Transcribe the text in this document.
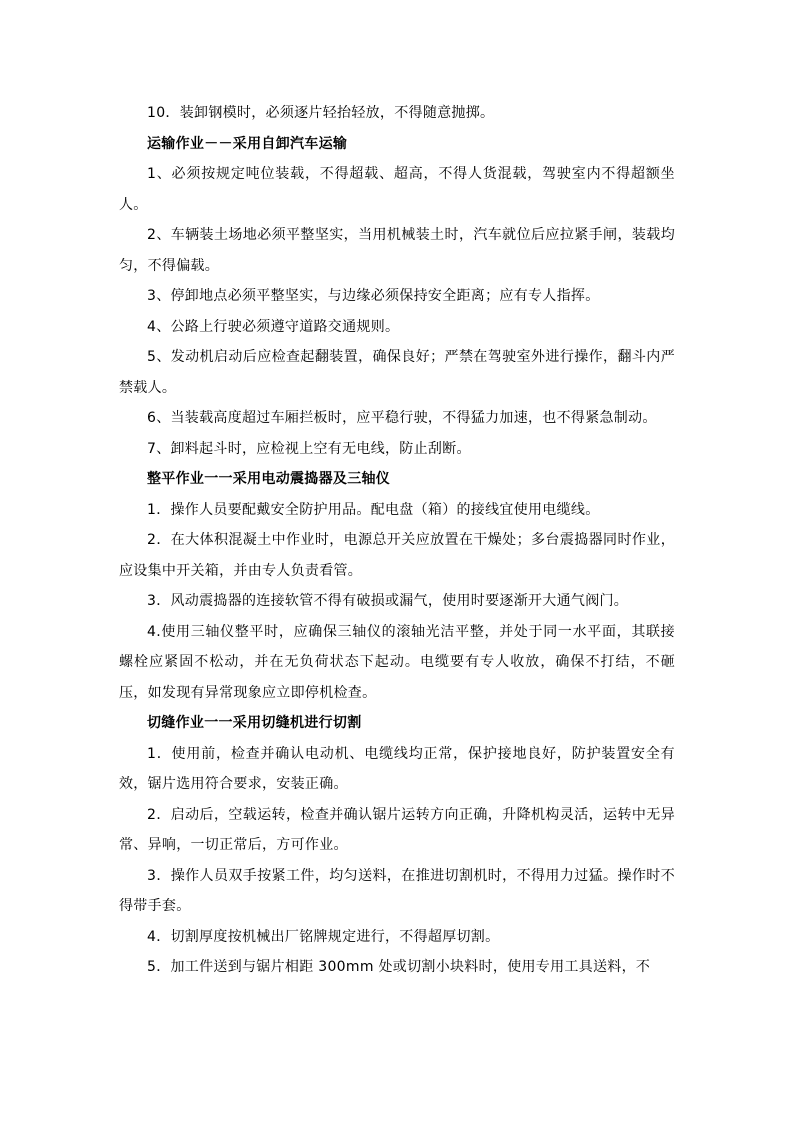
10．装卸钢模时，必须逐片轻抬轻放，不得随意抛掷。

运输作业－－采用自卸汽车运输

1、必须按规定吨位装载，不得超载、超高，不得人货混载，驾驶室内不得超额坐人。

2、车辆装土场地必须平整坚实，当用机械装土时，汽车就位后应拉紧手闸，装载均匀，不得偏载。

3、停卸地点必须平整坚实，与边缘必须保持安全距离；应有专人指挥。

4、公路上行驶必须遵守道路交通规则。

5、发动机启动后应检查起翻装置，确保良好；严禁在驾驶室外进行操作，翻斗内严禁载人。

6、当装载高度超过车厢拦板时，应平稳行驶，不得猛力加速，也不得紧急制动。

7、卸料起斗时，应检视上空有无电线，防止刮断。

整平作业一一采用电动震捣器及三轴仪

1．操作人员要配戴安全防护用品。配电盘（箱）的接线宜使用电缆线。

2．在大体积混凝土中作业时，电源总开关应放置在干燥处；多台震捣器同时作业，应设集中开关箱，并由专人负责看管。

3．风动震捣器的连接软管不得有破损或漏气，使用时要逐渐开大通气阀门。

4.使用三轴仪整平时，应确保三轴仪的滚轴光洁平整，并处于同一水平面，其联接螺栓应紧固不松动，并在无负荷状态下起动。电缆要有专人收放，确保不打结，不砸压，如发现有异常现象应立即停机检查。

切缝作业一一采用切缝机进行切割

1．使用前，检查并确认电动机、电缆线均正常，保护接地良好，防护装置安全有效，锯片选用符合要求，安装正确。

2．启动后，空载运转，检查并确认锯片运转方向正确，升降机构灵活，运转中无异常、异响，一切正常后，方可作业。

3．操作人员双手按紧工件，均匀送料，在推进切割机时，不得用力过猛。操作时不得带手套。

4．切割厚度按机械出厂铭牌规定进行，不得超厚切割。

5．加工件送到与锯片相距 300mm 处或切割小块料时，使用专用工具送料，不
